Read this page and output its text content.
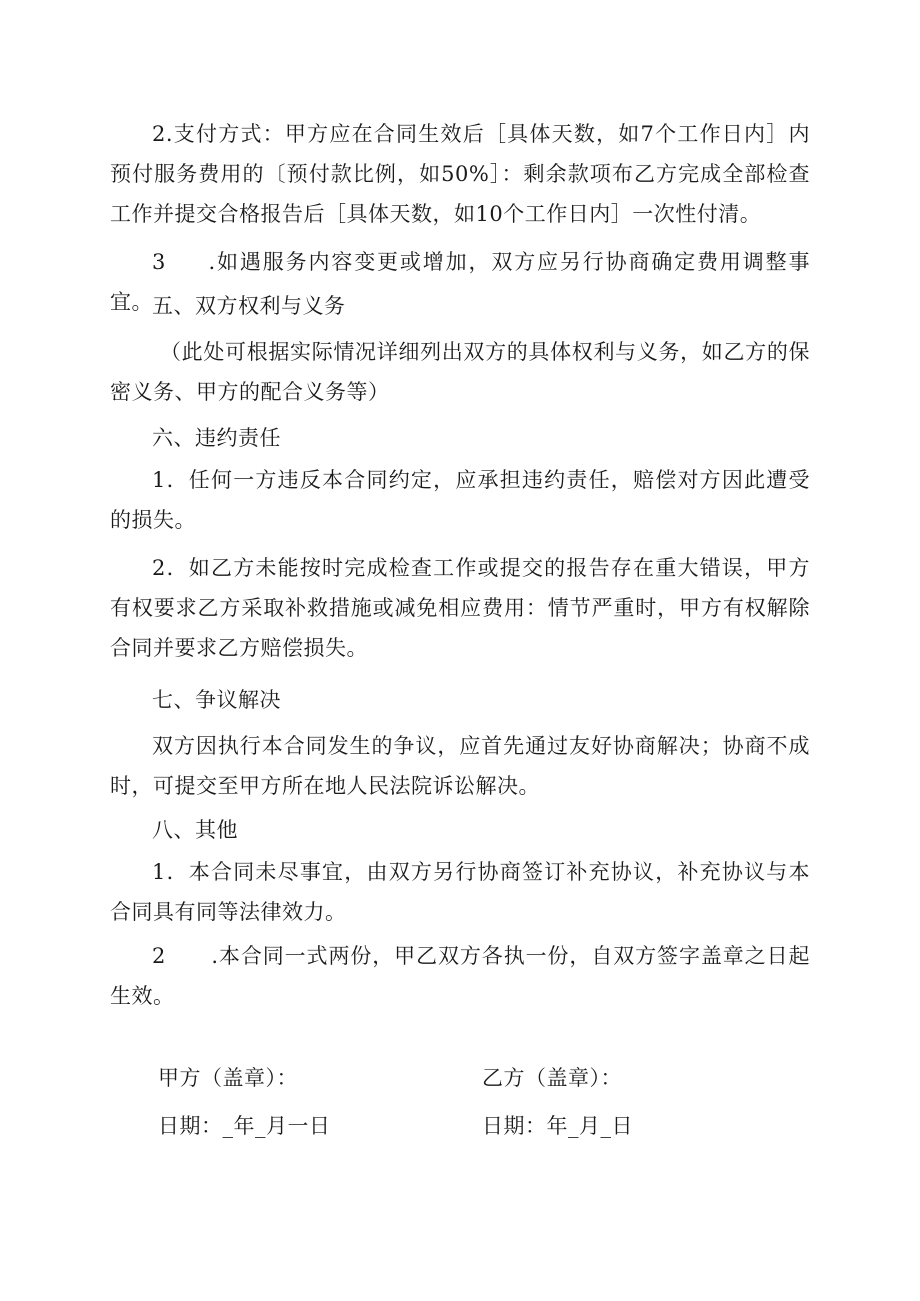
2.支付方式：甲方应在合同生效后［具体天数，如7个工作日内］内预付服务费用的〔预付款比例，如50%］：剩余款项布乙方完成全部检查工作并提交合格报告后［具体天数，如10个工作日内］一次性付清。

3     .如遇服务内容变更或增加，双方应另行协商确定费用调整事宜。 五、双方权利与义务

（此处可根据实际情况详细列出双方的具体权利与义务，如乙方的保密义务、甲方的配合义务等）

六、违约责任

1．任何一方违反本合同约定，应承担违约责任，赔偿对方因此遭受的损失。

2．如乙方未能按时完成检查工作或提交的报告存在重大错误，甲方有权要求乙方采取补救措施或减免相应费用：情节严重时，甲方有权解除合同并要求乙方赔偿损失。

七、争议解决

双方因执行本合同发生的争议，应首先通过友好协商解决；协商不成时，可提交至甲方所在地人民法院诉讼解决。

八、其他

1．本合同未尽事宜，由双方另行协商签订补充协议，补充协议与本合同具有同等法律效力。

2      .本合同一式两份，甲乙双方各执一份，自双方签字盖章之日起生效。

甲方（盖章）：	乙方（盖章）：

日期：_年_月一日	日期：年_月_日
